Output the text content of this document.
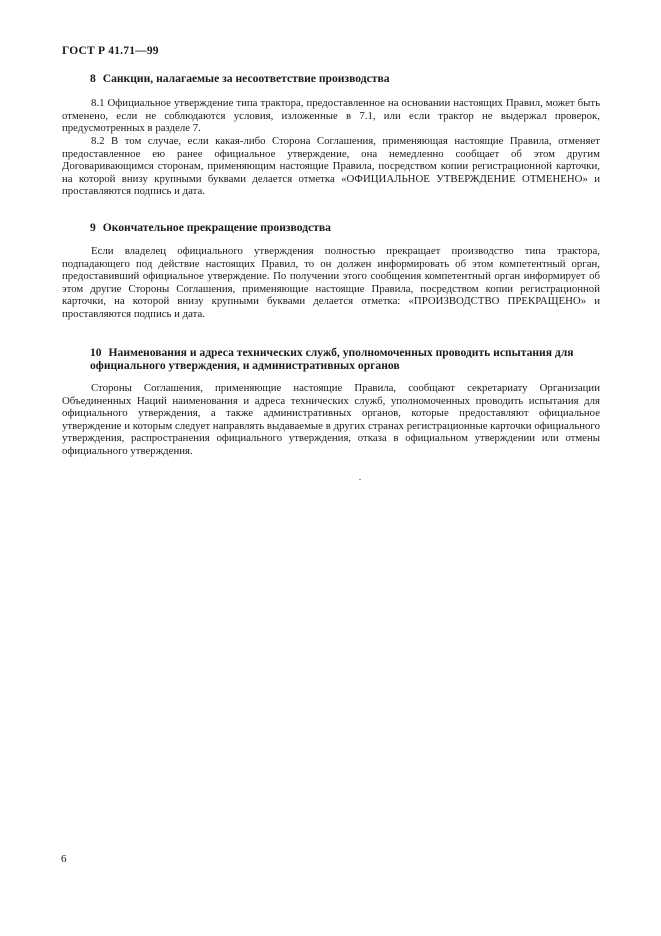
ГОСТ Р 41.71—99
8 Санкции, налагаемые за несоответствие производства

8.1 Официальное утверждение типа трактора, предоставленное на основании настоящих Правил, может быть отменено, если не соблюдаются условия, изложенные в 7.1, или если трактор не выдержал проверок, предусмотренных в разделе 7.

8.2 В том случае, если какая-либо Сторона Соглашения, применяющая настоящие Правила, отменяет предоставленное ею ранее официальное утверждение, она немедленно сообщает об этом другим Договаривающимся сторонам, применяющим настоящие Правила, посредством копии регистрационной карточки, на которой внизу крупными буквами делается отметка «ОФИЦИАЛЬНОЕ УТВЕРЖДЕНИЕ ОТМЕНЕНО» и проставляются подпись и дата.

9 Окончательное прекращение производства

Если владелец официального утверждения полностью прекращает производство типа трактора, подпадающего под действие настоящих Правил, то он должен информировать об этом компетентный орган, предоставивший официальное утверждение. По получении этого сообщения компетентный орган информирует об этом другие Стороны Соглашения, применяющие настоящие Правила, посредством копии регистрационной карточки, на которой внизу крупными буквами делается отметка: «ПРОИЗВОДСТВО ПРЕКРАЩЕНО» и проставляются подпись и дата.

10 Наименования и адреса технических служб, уполномоченных проводить испытания для официального утверждения, и административных органов

Стороны Соглашения, применяющие настоящие Правила, сообщают секретариату Организации Объединенных Наций наименования и адреса технических служб, уполномоченных проводить испытания для официального утверждения, а также административных органов, которые предоставляют официальное утверждение и которым следует направлять выдаваемые в других странах регистрационные карточки официального утверждения, распространения официального утверждения, отказа в официальном утверждении или отмены официального утверждения.

6
